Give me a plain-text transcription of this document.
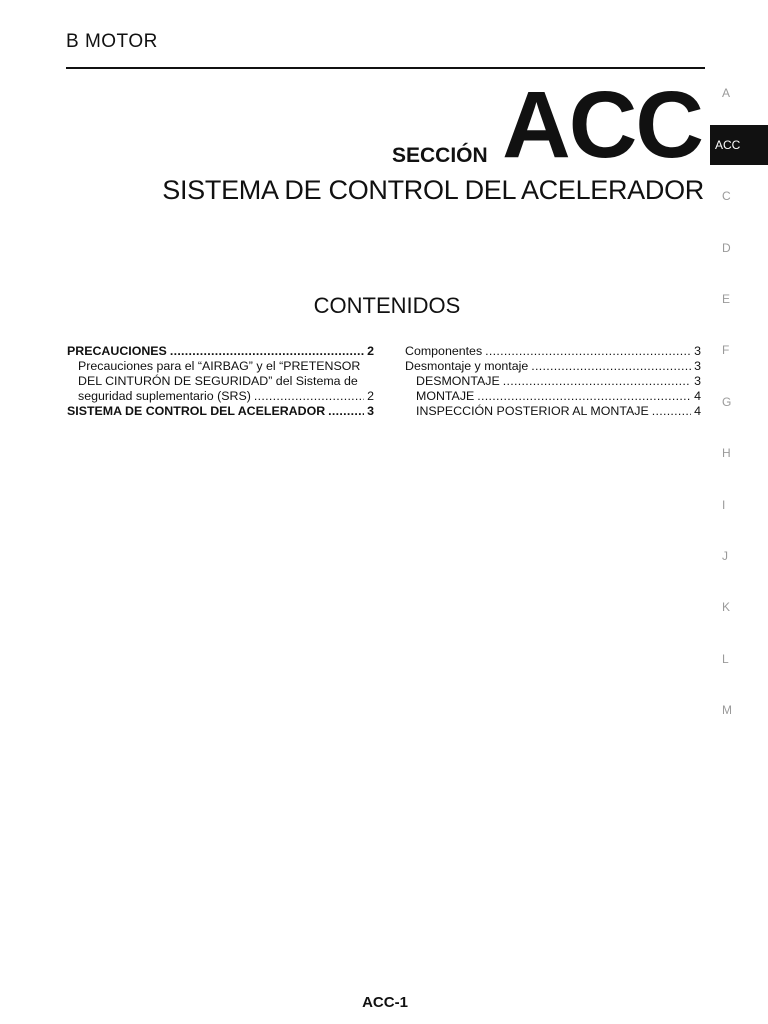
B MOTOR
SECCIÓN ACC
SISTEMA DE CONTROL DEL ACELERADOR
CONTENIDOS
PRECAUCIONES .....	2
Precauciones para el “AIRBAG” y el “PRETENSOR
DEL CINTURÓN DE SEGURIDAD” del Sistema de
seguridad suplementario (SRS) .....	2
SISTEMA DE CONTROL DEL ACELERADOR .....	3
Componentes .....	3
Desmontaje y montaje .....	3
DESMONTAJE .....	3
MONTAJE .....	4
INSPECCIÓN POSTERIOR AL MONTAJE .....	4
A
ACC
C
D
E
F
G
H
I
J
K
L
M
ACC-1
